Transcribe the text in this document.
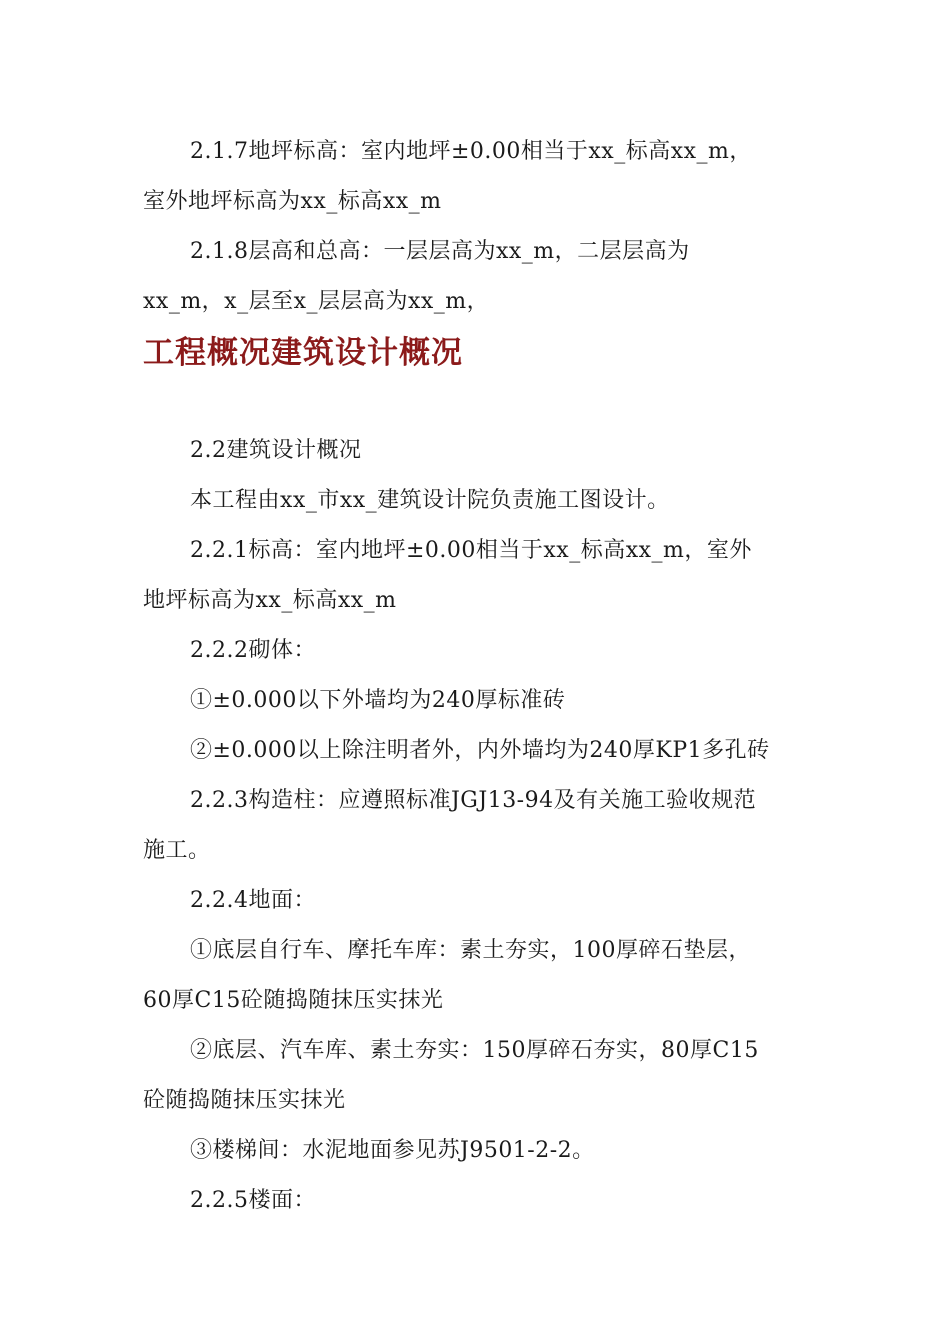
2.1.7地坪标高：室内地坪±0.00相当于xx_标高xx_m，
室外地坪标高为xx_标高xx_m
2.1.8层高和总高：一层层高为xx_m，二层层高为
xx_m，x_层至x_层层高为xx_m，
工程概况建筑设计概况
2.2建筑设计概况
本工程由xx_市xx_建筑设计院负责施工图设计。
2.2.1标高：室内地坪±0.00相当于xx_标高xx_m，室外
地坪标高为xx_标高xx_m
2.2.2砌体：
①±0.000以下外墙均为240厚标准砖
②±0.000以上除注明者外，内外墙均为240厚KP1多孔砖
2.2.3构造柱：应遵照标准JGJ13-94及有关施工验收规范
施工。
2.2.4地面：
①底层自行车、摩托车库：素土夯实，100厚碎石垫层，
60厚C15砼随捣随抹压实抹光
②底层、汽车库、素土夯实：150厚碎石夯实，80厚C15
砼随捣随抹压实抹光
③楼梯间：水泥地面参见苏J9501-2-2。
2.2.5楼面：
